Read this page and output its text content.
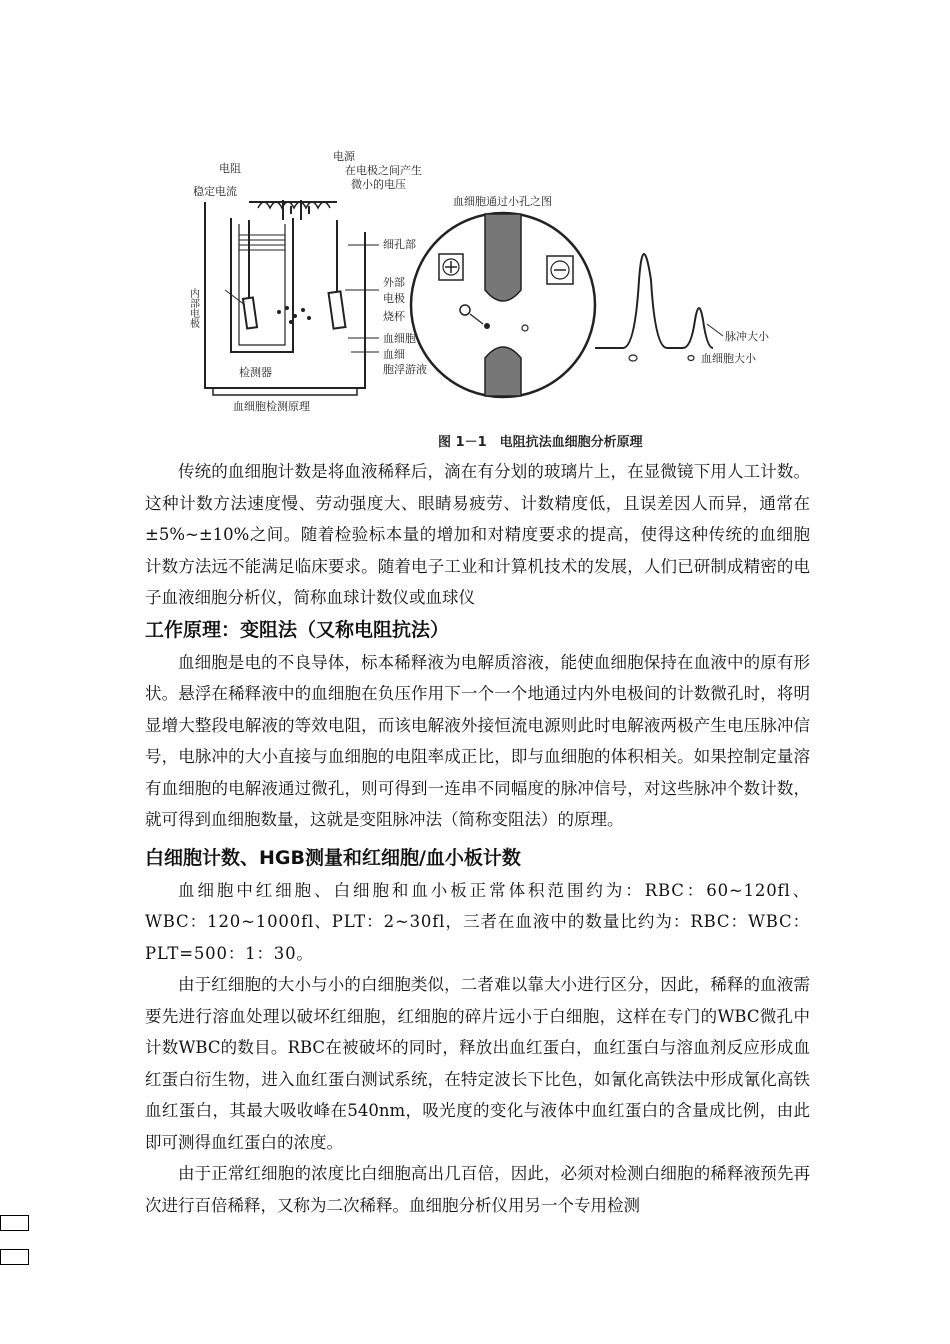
电阻
电源
稳定电流
在电极之间产生
微小的电压
细孔部
内部电极
外部
电极
烧杯
血细胞
血细
胞浮游液
检测器
血细胞检测原理
血细胞通过小孔之图
脉冲大小
血细胞大小
图 1－1　电阻抗法血细胞分析原理

传统的血细胞计数是将血液稀释后，滴在有分划的玻璃片上，在显微镜下用人工计数。这种计数方法速度慢、劳动强度大、眼睛易疲劳、计数精度低，且误差因人而异，通常在±5%~±10%之间。随着检验标本量的增加和对精度要求的提高，使得这种传统的血细胞计数方法远不能满足临床要求。随着电子工业和计算机技术的发展，人们已研制成精密的电子血液细胞分析仪，简称血球计数仪或血球仪

工作原理：变阻法（又称电阻抗法）

血细胞是电的不良导体，标本稀释液为电解质溶液，能使血细胞保持在血液中的原有形状。悬浮在稀释液中的血细胞在负压作用下一个一个地通过内外电极间的计数微孔时，将明显增大整段电解液的等效电阻，而该电解液外接恒流电源则此时电解液两极产生电压脉冲信号，电脉冲的大小直接与血细胞的电阻率成正比，即与血细胞的体积相关。如果控制定量溶有血细胞的电解液通过微孔，则可得到一连串不同幅度的脉冲信号，对这些脉冲个数计数，就可得到血细胞数量，这就是变阻脉冲法（简称变阻法）的原理。

白细胞计数、HGB测量和红细胞/血小板计数

血细胞中红细胞、白细胞和血小板正常体积范围约为：RBC：60~120fl、WBC：120~1000fl、PLT：2~30fl，三者在血液中的数量比约为：RBC：WBC：PLT=500：1：30。

由于红细胞的大小与小的白细胞类似，二者难以靠大小进行区分，因此，稀释的血液需要先进行溶血处理以破坏红细胞，红细胞的碎片远小于白细胞，这样在专门的WBC微孔中计数WBC的数目。RBC在被破坏的同时，释放出血红蛋白，血红蛋白与溶血剂反应形成血红蛋白衍生物，进入血红蛋白测试系统，在特定波长下比色，如氰化高铁法中形成氰化高铁血红蛋白，其最大吸收峰在540nm，吸光度的变化与液体中血红蛋白的含量成比例，由此即可测得血红蛋白的浓度。

由于正常红细胞的浓度比白细胞高出几百倍，因此，必须对检测白细胞的稀释液预先再次进行百倍稀释，又称为二次稀释。血细胞分析仪用另一个专用检测
